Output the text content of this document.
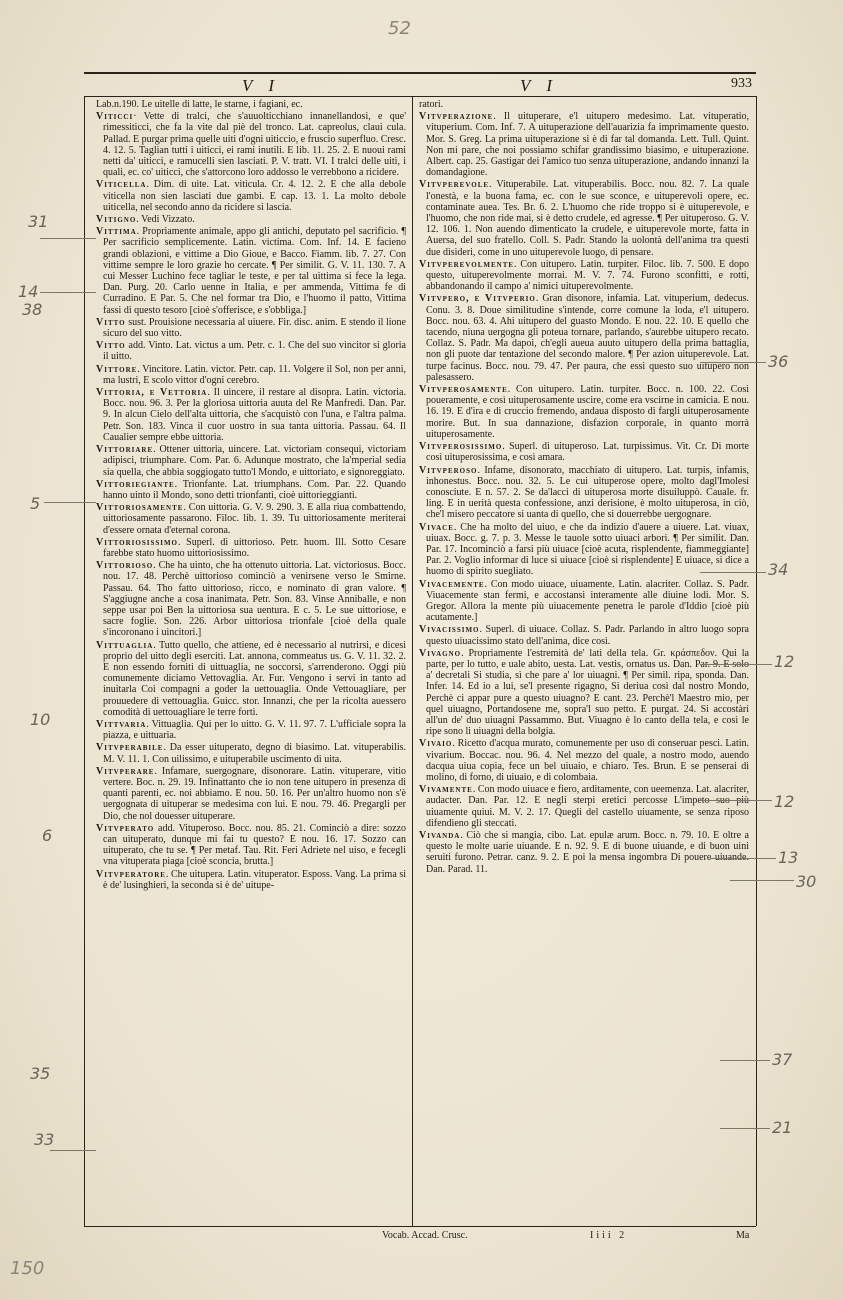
52
V I	V I	933

Lab.n.190. Le uitelle di latte, le starne, i fagiani, ec.

Viticci· Vette di tralci, che s'auuolticchiano innanellandosi, e que' rimessiticci, che fa la vite dal piè del tronco. Lat. capreolus, claui cula. Pallad. E purgar prima quelle uiti d'ogni uiticcio, e fruscio superfluo. Cresc. 4. 12. 5. Taglian tutti i uiticci, ei rami inutili. E lib. 11. 25. 2. E nuoui rami netti da' uiticci, e ramucelli sien lasciati. P. V. tratt. VI. I tralci delle uiti, i quali, ec. co' uiticci, che s'attorcono loro addosso le verrebbono a ricidere.

Viticella. Dim. di uite. Lat. viticula. Cr. 4. 12. 2. E che alla debole viticella non sien lasciati due gambi. E cap. 13. 1. La molto debole uiticella, nel secondo anno da ricidere si lascia.

Vitigno. Vedi Vizzato.

Vittima. Propriamente animale, appo gli antichi, deputato pel sacrificio. ¶ Per sacrificio semplicemente. Latin. victima. Com. Inf. 14. E facieno grandi oblazioni, e vittime a Dio Gioue, e Bacco. Fiamm. lib. 7. 27. Con vittime sempre le loro grazie ho cercate. ¶ Per similit. G. V. 11. 130. 7. A cui Messer Luchino fece tagliar le teste, e per tal uittima si fece la lega. Dan. Purg. 20. Carlo uenne in Italia, e per ammenda, Vittima fe di Curradino. E Par. 5. Che nel formar tra Dio, e l'huomo il patto, Vittima fassi di questo tesoro [cioè s'offerisce, e s'obbliga.]

Vitto sust. Prouisione necessaria al uiuere. Fir. disc. anim. E stendo il lione sicuro del suo vitto.

Vitto add. Vinto. Lat. victus a um. Petr. c. 1. Che del suo vincitor si gloria il uitto.

Vittore. Vincitore. Latin. victor. Petr. cap. 11. Volgere il Sol, non per anni, ma lustri, E scolo vittor d'ogni cerebro.

Vittoria, e Vettoria. Il uincere, il restare al disopra. Latin. victoria. Bocc. nou. 96. 3. Per la gloriosa uittoria auuta del Re Manfredi. Dan. Par. 9. In alcun Cielo dell'alta uittoria, che s'acquistò con l'una, e l'altra palma. Petr. Son. 183. Vinca il cuor uostro in sua tanta uittoria. Passau. 64. Il Caualier sempre ebbe uittoria.

Vittoriare. Ottener uittoria, uincere. Lat. victoriam consequi, victoriam adipisci, triumphare. Com. Par. 6. Adunque mostrato, che la'mperial sedia sia quella, che abbia soggiogato tutto'l Mondo, e uittoriato, e signoreggiato.

Vittoriegiante. Trionfante. Lat. triumphans. Com. Par. 22. Quando hanno uinto il Mondo, sono detti trionfanti, cioè uittorieggianti.

Vittoriosamente. Con uittoria. G. V. 9. 290. 3. E alla riua combattendo, uittoriosamente passarono. Filoc. lib. 1. 39. Tu uittoriosamente meriterai d'essere ornata d'eternal corona.

Vittoriosissimo. Superl. di uittorioso. Petr. huom. Ill. Sotto Cesare farebbe stato huomo uittoriosissimo.

Vittorioso. Che ha uinto, che ha ottenuto uittoria. Lat. victoriosus. Bocc. nou. 17. 48. Perchè uittorioso cominciò a venirsene verso le Smirne. Passau. 64. Tho fatto uittorioso, ricco, e nominato di gran valore. ¶ S'aggiugne anche a cosa inanimata. Petr. Son. 83. Vinse Anniballe, e non seppe usar poi Ben la uittoriosa sua uentura. E c. 5. Le sue uittoriose, e sacre foglie. Son. 226. Arbor uittoriosa trionfale [cioè della quale s'incoronano i uincitori.]

Vittuaglia. Tutto quello, che attiene, ed è necessario al nutrirsi, e dicesi proprio del uitto degli eserciti. Lat. annona, commeatus us. G. V. 11. 32. 2. E non essendo forniti di uittuaglia, ne soccorsi, s'arrenderono. Oggi più comunemente diciamo Vettovaglia. Ar. Fur. Vengono i servi in tanto ad inuitarla Coi compagni a goder la uettouaglia. Onde Vettouagliare, per prouuedere di vettouaglia. Guicc. stor. Innanzi, che per la ricolta auessero comodità di uettouagliare le terre forti.

Vittvaria. Vittuaglia. Qui per lo uitto. G. V. 11. 97. 7. L'ufficiale sopra la piazza, e uittuaria.

Vitvperabile. Da esser uituperato, degno di biasimo. Lat. vituperabilis. M. V. 11. 1. Con uilissimo, e uituperabile uscimento di uita.

Vitvperare. Infamare, suergognare, disonorare. Latin. vituperare, vitio vertere. Boc. n. 29. 19. Infinattanto che io non tene uitupero in presenza di quanti parenti, ec. noi abbiamo. E nou. 50. 16. Per un'altro huomo non s'è uergognata di uituperar se medesima con lui. E nou. 79. 46. Pregargli per Dio, che nol douesser uituperare.

Vitvperato add. Vituperoso. Bocc. nou. 85. 21. Cominciò a dire: sozzo can uituperato, dunque mi fai tu questo? E nou. 16. 17. Sozzo can uituperato, che tu se. ¶ Per metaf. Tau. Rit. Feri Adriete nel uiso, e fecegli vna vituperata piaga [cioè sconcia, brutta.]

Vitvperatore. Che uitupera. Latin. vituperator. Esposs. Vang. La prima si è de' lusinghieri, la seconda si è de' uitupe-

ratori.

Vitvperazione. Il uituperare, e'l uitupero medesimo. Lat. vituperatio, vituperium. Com. Inf. 7. A uituperazione dell'auarizia fa imprimamente questo. Mor. S. Greg. La prima uituperazione si è di far tal domanda. Lett. Tull. Quint. Non mi pare, che noi possiamo schifar grandissimo biasimo, e uituperazione. Albert. cap. 25. Gastigar dei l'amico tuo senza uituperazione, andando innanzi la domandagione.

Vitvperevole. Vituperabile. Lat. vituperabilis. Bocc. nou. 82. 7. La quale l'onestà, e la buona fama, ec. con le sue sconce, e uituperevoli opere, ec. contaminate auea. Tes. Br. 6. 2. L'huomo che ride troppo si è uituperevole, e l'huomo, che non ride mai, si è detto crudele, ed agresse. ¶ Per uituperoso. G. V. 12. 106. 1. Non auendo dimenticato la crudele, e uituperevole morte, fatta in Auersa, del suo fratello. Coll. S. Padr. Stando la uolontà dell'anima tra questi due disideri, come in uno uituperevole luogo, di pensare.

Vitvperevolmente. Con uitupero. Latin. turpiter. Filoc. lib. 7. 500. E dopo questo, uituperevolmente morrai. M. V. 7. 74. Furono sconfitti, e rotti, abbandonando il campo a' nimici uituperevolmente.

Vitvpero, e Vitvperio. Gran disonore, infamia. Lat. vituperium, dedecus. Conu. 3. 8. Doue similitudine s'intende, corre comune la loda, e'l uitupero. Bocc. nou. 63. 4. Ahi uitupero del guasto Mondo. E nou. 22. 10. E quello che tacendo, niuna uergogna gli poteua tornare, parlando, s'aurebbe uitupero recato. Collaz. S. Padr. Ma dapoi, ch'egli aueua auuto uitupero della prima battaglia, non gli puote dar tentazione del secondo malore. ¶ Per azion uituperevole. Lat. turpe facinus. Bocc. nou. 79. 47. Per paura, che essi questo suo uitupero non palesassero.

Vitvperosamente. Con uitupero. Latin. turpiter. Bocc. n. 100. 22. Così poueramente, e così uituperosamente uscire, come era vscirne in camicia. E nou. 16. 19. E d'ira e di cruccio fremendo, andaua disposto di fargli uituperosamente morire. But. In sua dannazione, disfazion corporale, in quanto morrà uituperosamente.

Vitvperosissimo. Superl. di uituperoso. Lat. turpissimus. Vit. Cr. Di morte così uituperosissima, e così amara.

Vitvperoso. Infame, disonorato, macchiato di uitupero. Lat. turpis, infamis, inhonestus. Bocc. nou. 32. 5. Le cui uituperose opere, molto dagl'Imolesi conosciute. E n. 57. 2. Se da'lacci di uituperosa morte disuiluppò. Cauale. fr. ling. E in uerità questa confessione, anzi derisione, è molto uituperosa, in ciò, che'l misero peccatore si uanta di quello, che si douerrebbe uergognare.

Vivace. Che ha molto del uiuo, e che da indizio d'auere a uiuere. Lat. viuax, uiuax. Bocc. g. 7. p. 3. Messe le tauole sotto uiuaci arbori. ¶ Per similit. Dan. Par. 17. Incominciò a farsi più uiuace [cioè acuta, risplendente, fiammeggiante] Par. 2. Voglio informar di luce si uiuace [cioè si risplendente] E uiuace, si dice a huomo di spirito suegliato.

Vivacemente. Con modo uiuace, uiuamente. Latin. alacriter. Collaz. S. Padr. Viuacemente stan fermi, e accostansi interamente alle diuine lodi. Mor. S. Gregor. Allora la mente più uiuacemente penetra le parole d'Iddio [cioè più acutamente.]

Vivacissimo. Superl. di uiuace. Collaz. S. Padr. Parlando in altro luogo sopra questo uiuacissimo stato dell'anima, dice così.

Vivagno. Propriamente l'estremità de' lati della tela. Gr. κράσπεδον. Qui la parte, per lo tutto, e uale abito, uesta. Lat. vestis, ornatus us. Dan. Par. 9. E solo a' decretali Si studia, sì che pare a' lor uiuagni. ¶ Per simil. ripa, sponda. Dan. Infer. 14. Ed io a lui, se'l presente rigagno, Si deriua così dal nostro Mondo, Perchè ci appar pure a questo uiuagno? E cant. 23. Perchè'l Maestro mio, per quel uiuagno, Portandosene me, sopra'l suo petto. E purgat. 24. Si accostàri all'un de' duo uiuagni Passammo. But. Viuagno è lo canto della tela, e così le ripe sono li uiuagni della bolgia.

Vivaio. Ricetto d'acqua murato, comunemente per uso di conseruar pesci. Latin. vivarium. Boccac. nou. 96. 4. Nel mezzo del quale, a nostro modo, auendo dacqua uiua copia, fece un bel uiuaio, e chiaro. Tes. Brun. E se penserai di molino, di forno, di uiuaio, e di colombaia.

Vivamente. Con modo uiuace e fiero, arditamente, con ueemenza. Lat. alacriter, audacter. Dan. Par. 12. E negli sterpi eretici percosse L'impeto suo più uiuamente quiui. M. V. 2. 17. Quegli del castello uiuamente, se senza riposo difendieno gli steccati.

Vivanda. Ciò che si mangia, cibo. Lat. epulæ arum. Bocc. n. 79. 10. E oltre a questo le molte uarie uiuande. E n. 92. 9. E di buone uiuande, e di buon uini seruiti furono. Petrar. canz. 9. 2. E poi la mensa ingombra Di pouere uiuande. Dan. Parad. 11.

Vocab. Accad. Crusc.	Iiii 2	Ma
150
31
14
38
5
10
6
35
33
36
34
12
12
13
30
37
21
